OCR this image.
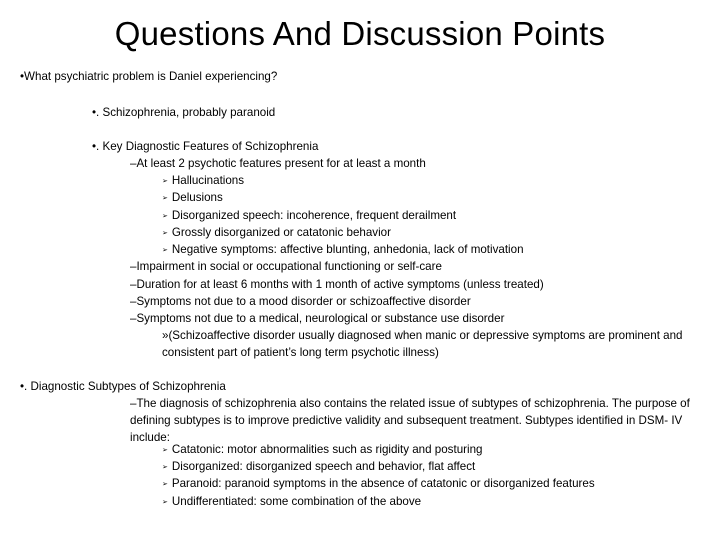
Questions And Discussion Points
•What psychiatric problem is Daniel experiencing?
•. Schizophrenia, probably paranoid
•. Key Diagnostic Features of Schizophrenia
–At least 2 psychotic features present for at least a month
➢ Hallucinations
➢ Delusions
➢ Disorganized speech: incoherence, frequent derailment
➢ Grossly disorganized or catatonic behavior
➢ Negative symptoms: affective blunting, anhedonia, lack of motivation
–Impairment in social or occupational functioning or self-care
–Duration for at least 6 months with 1 month of active symptoms (unless treated)
–Symptoms not due to a mood disorder or schizoaffective disorder
–Symptoms not due to a medical, neurological or substance use disorder
»(Schizoaffective disorder usually diagnosed when manic or depressive symptoms are prominent and consistent part of patient’s long term psychotic illness)
•. Diagnostic Subtypes of Schizophrenia
–The diagnosis of schizophrenia also contains the related issue of subtypes of schizophrenia. The purpose of defining subtypes is to improve predictive validity and subsequent treatment. Subtypes identified in DSM- IV include:
➢ Catatonic: motor abnormalities such as rigidity and posturing
➢ Disorganized: disorganized speech and behavior, flat affect
➢ Paranoid: paranoid symptoms in the absence of catatonic or disorganized features
➢ Undifferentiated: some combination of the above
